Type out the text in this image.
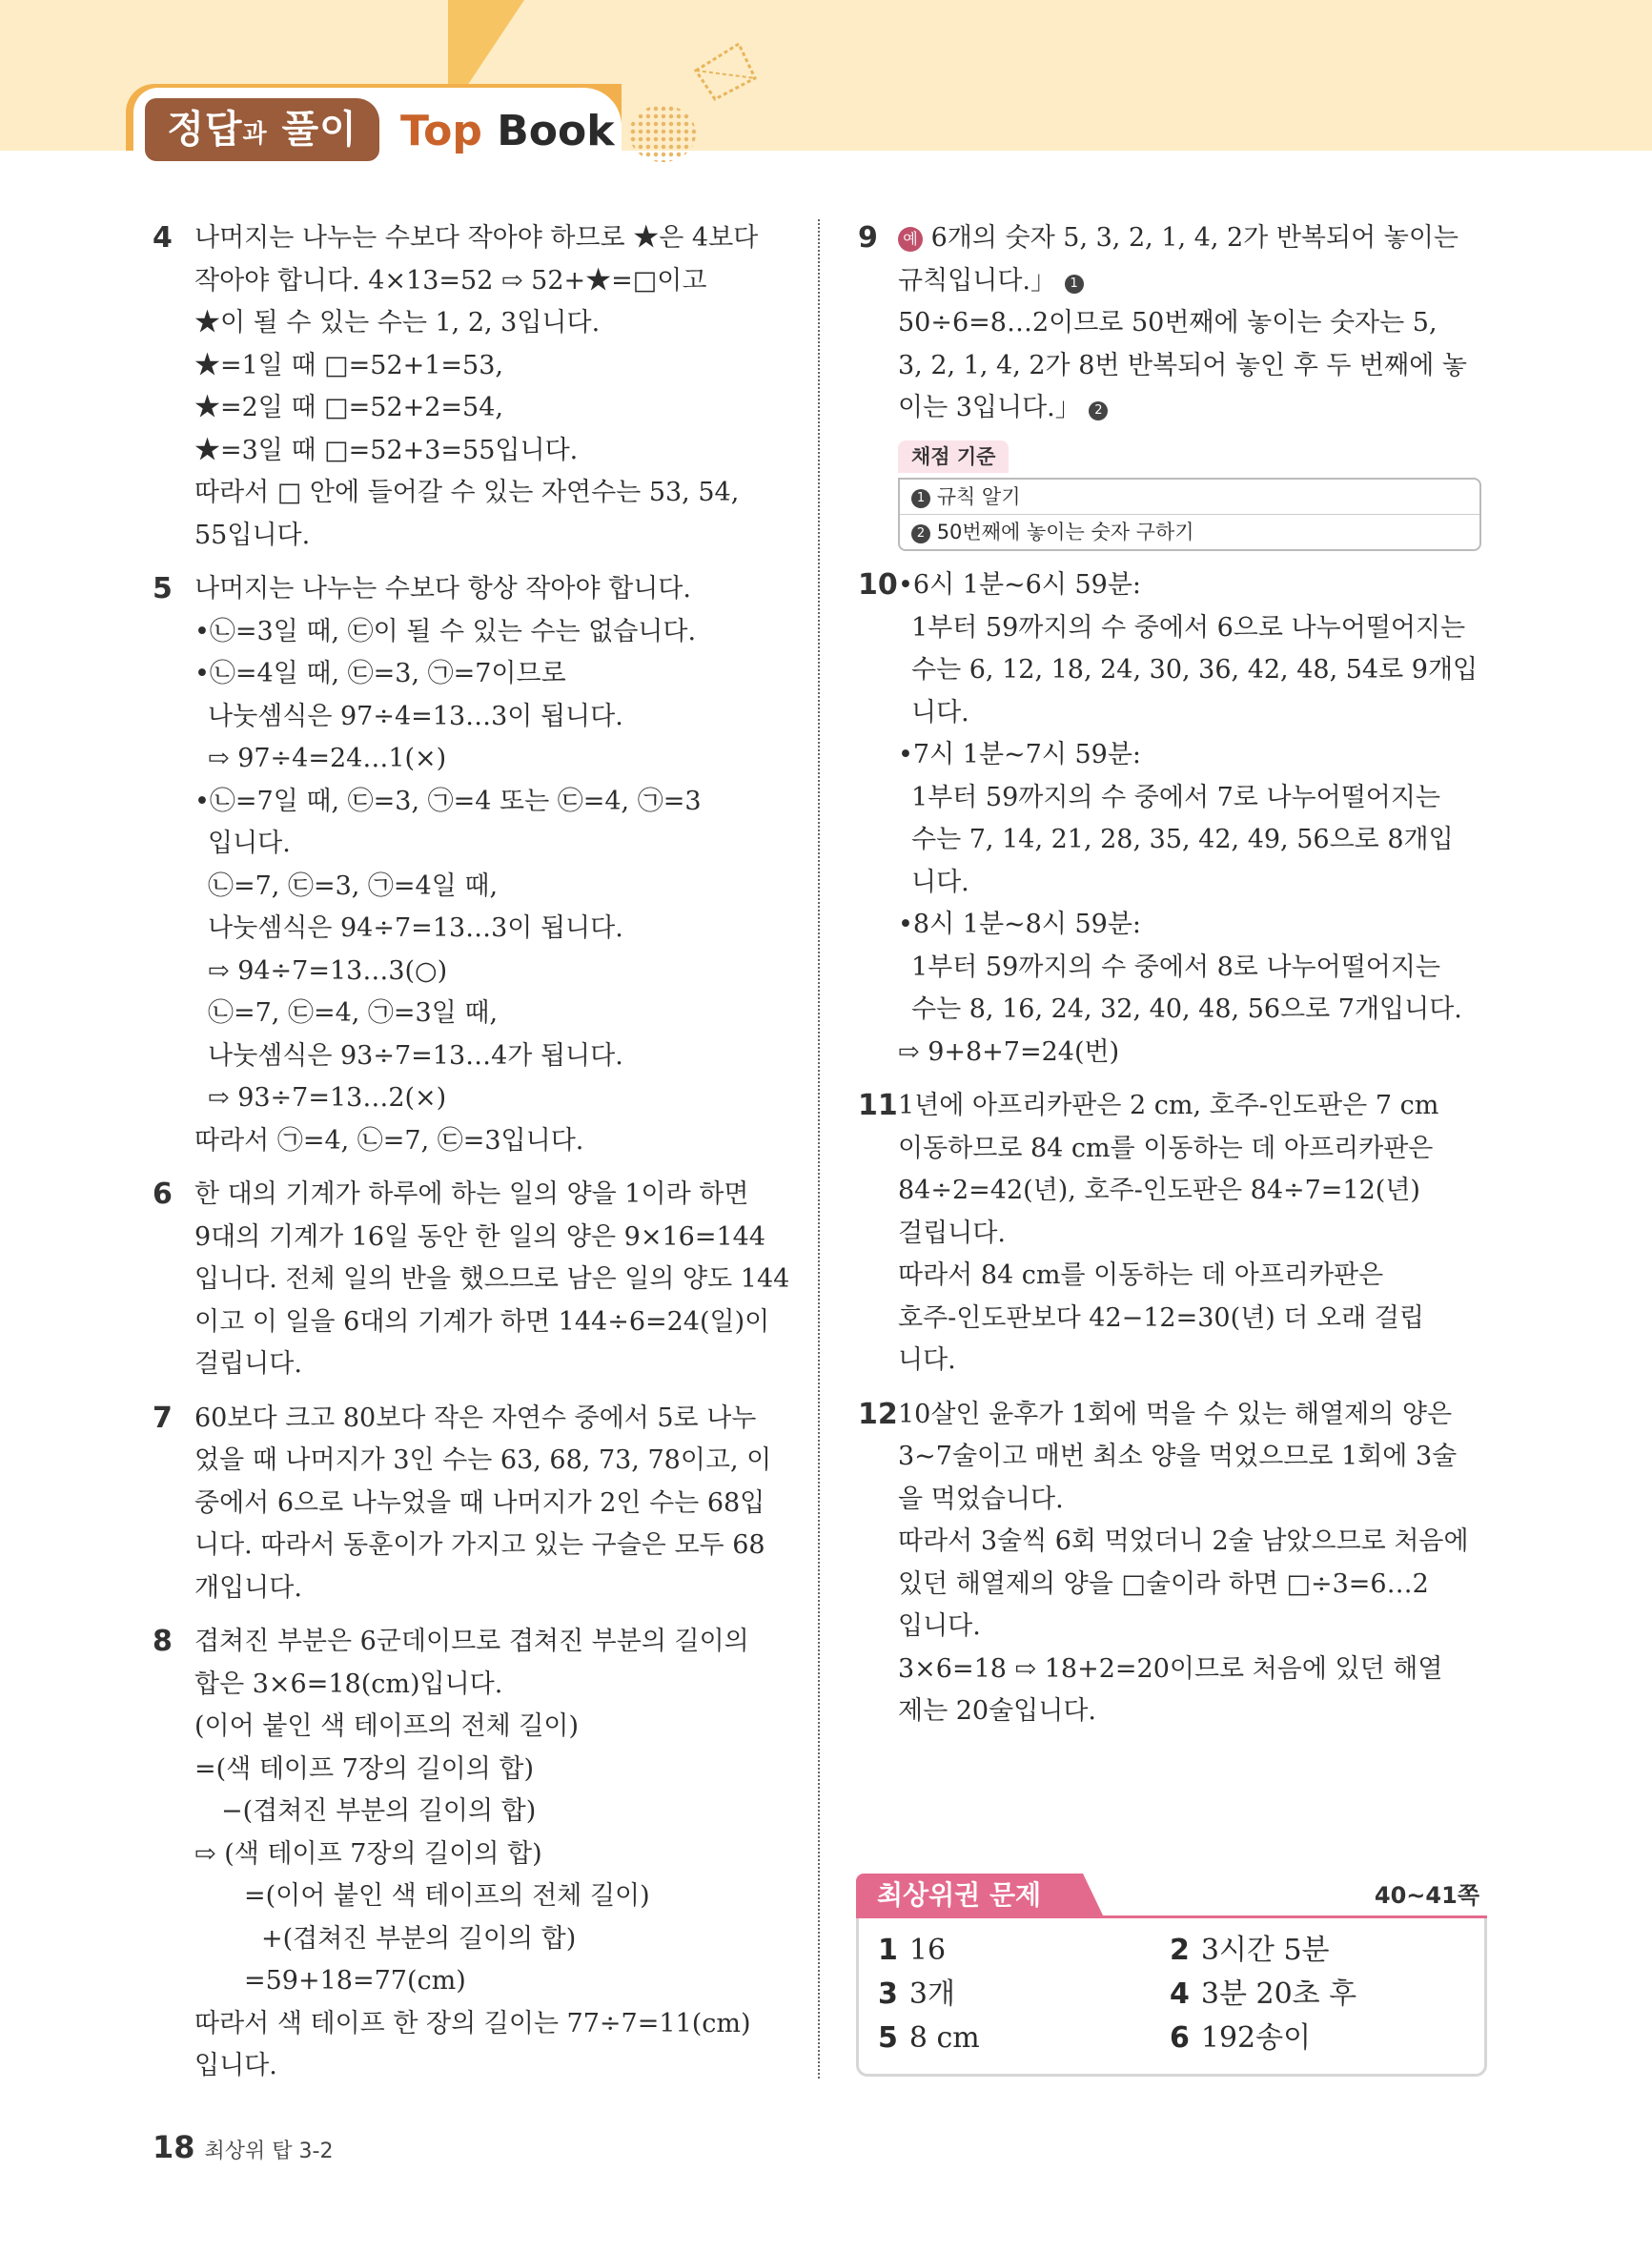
정답과 풀이	Top Book
4 나머지는 나누는 수보다 작아야 하므로 ★은 4보다
작아야 합니다. 4×13=52 ⇨ 52+★=□이고
★이 될 수 있는 수는 1, 2, 3입니다.
★=1일 때 □=52+1=53,
★=2일 때 □=52+2=54,
★=3일 때 □=52+3=55입니다.
따라서 □ 안에 들어갈 수 있는 자연수는 53, 54,
55입니다.
5 나머지는 나누는 수보다 항상 작아야 합니다.
•㉡=3일 때, ㉢이 될 수 있는 수는 없습니다.
•㉡=4일 때, ㉢=3, ㉠=7이므로
나눗셈식은 97÷4=13…3이 됩니다.
⇨ 97÷4=24…1(×)
•㉡=7일 때, ㉢=3, ㉠=4 또는 ㉢=4, ㉠=3
입니다.
㉡=7, ㉢=3, ㉠=4일 때,
나눗셈식은 94÷7=13…3이 됩니다.
⇨ 94÷7=13…3(○)
㉡=7, ㉢=4, ㉠=3일 때,
나눗셈식은 93÷7=13…4가 됩니다.
⇨ 93÷7=13…2(×)
따라서 ㉠=4, ㉡=7, ㉢=3입니다.
6 한 대의 기계가 하루에 하는 일의 양을 1이라 하면
9대의 기계가 16일 동안 한 일의 양은 9×16=144
입니다. 전체 일의 반을 했으므로 남은 일의 양도 144
이고 이 일을 6대의 기계가 하면 144÷6=24(일)이
걸립니다.
7 60보다 크고 80보다 작은 자연수 중에서 5로 나누
었을 때 나머지가 3인 수는 63, 68, 73, 78이고, 이
중에서 6으로 나누었을 때 나머지가 2인 수는 68입
니다. 따라서 동훈이가 가지고 있는 구슬은 모두 68
개입니다.
8 겹쳐진 부분은 6군데이므로 겹쳐진 부분의 길이의
합은 3×6=18(cm)입니다.
(이어 붙인 색 테이프의 전체 길이)
=(색 테이프 7장의 길이의 합)
−(겹쳐진 부분의 길이의 합)
⇨ (색 테이프 7장의 길이의 합)
=(이어 붙인 색 테이프의 전체 길이)
+(겹쳐진 부분의 길이의 합)
=59+18=77(cm)
따라서 색 테이프 한 장의 길이는 77÷7=11(cm)
입니다.
9	예 6개의 숫자 5, 3, 2, 1, 4, 2가 반복되어 놓이는
규칙입니다.」 1
50÷6=8…2이므로 50번째에 놓이는 숫자는 5,
3, 2, 1, 4, 2가 8번 반복되어 놓인 후 두 번째에 놓
이는 3입니다.」 2
채점 기준
1 규칙 알기
2 50번째에 놓이는 숫자 구하기
10 •6시 1분~6시 59분:
1부터 59까지의 수 중에서 6으로 나누어떨어지는
수는 6, 12, 18, 24, 30, 36, 42, 48, 54로 9개입
니다.
•7시 1분~7시 59분:
1부터 59까지의 수 중에서 7로 나누어떨어지는
수는 7, 14, 21, 28, 35, 42, 49, 56으로 8개입
니다.
•8시 1분~8시 59분:
1부터 59까지의 수 중에서 8로 나누어떨어지는
수는 8, 16, 24, 32, 40, 48, 56으로 7개입니다.
⇨ 9+8+7=24(번)
11 1년에 아프리카판은 2 cm, 호주-인도판은 7 cm
이동하므로 84 cm를 이동하는 데 아프리카판은
84÷2=42(년), 호주-인도판은 84÷7=12(년)
걸립니다.
따라서 84 cm를 이동하는 데 아프리카판은
호주-인도판보다 42−12=30(년) 더 오래 걸립
니다.
12 10살인 윤후가 1회에 먹을 수 있는 해열제의 양은
3~7술이고 매번 최소 양을 먹었으므로 1회에 3술
을 먹었습니다.
따라서 3술씩 6회 먹었더니 2술 남았으므로 처음에
있던 해열제의 양을 □술이라 하면 □÷3=6…2
입니다.
3×6=18 ⇨ 18+2=20이므로 처음에 있던 해열
제는 20술입니다.
최상위권 문제	40~41쪽
1 16	2 3시간 5분
3 3개	4 3분 20초 후
5 8 cm	6 192송이
18 최상위 탑 3-2
